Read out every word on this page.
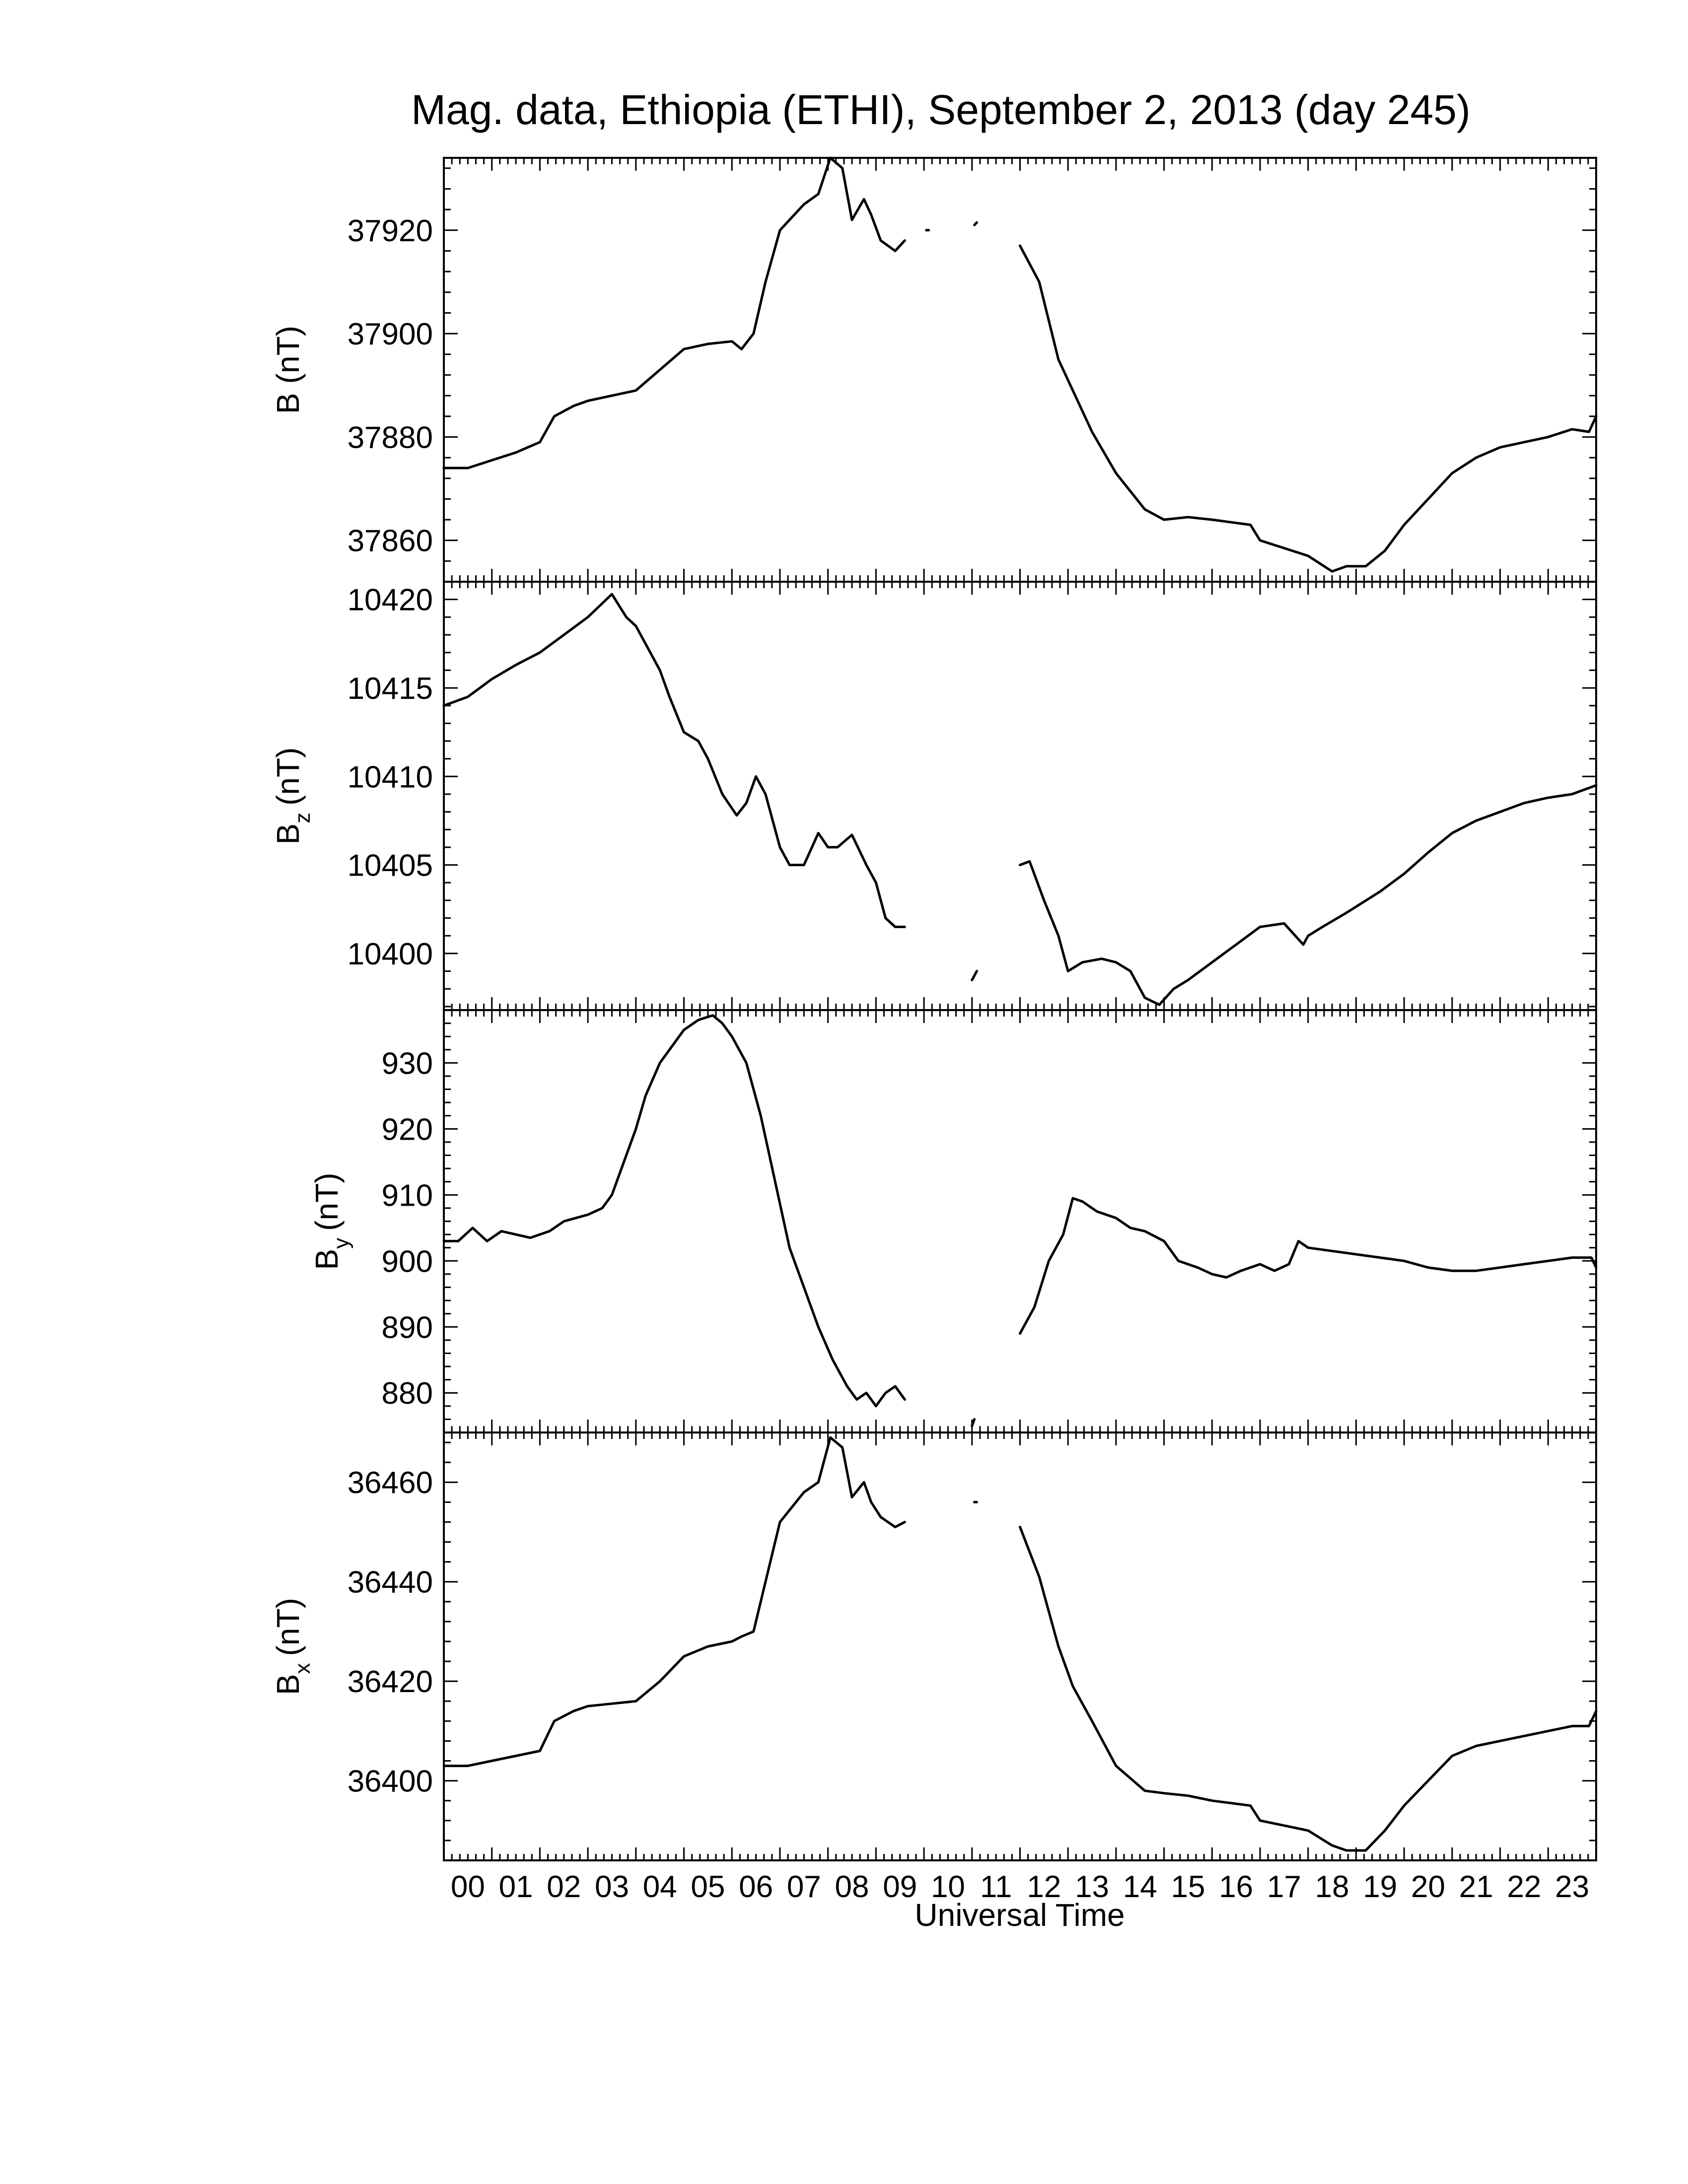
Mag. data, Ethiopia (ETHI), September 2, 2013 (day 245)
37860
37880
37900
37920
B(nT)
10400
10405
10410
10415
10420
$B_z(nT)$
880
890
900
910
920
930
$B_y(nT)$
36400
36420
36440
36460
$B_x(nT)$
00 01 02 03 04 05 06 07 08 09 10 11 12 13 14 15 16 17 18 19 20 21 22 23
Universal Time
